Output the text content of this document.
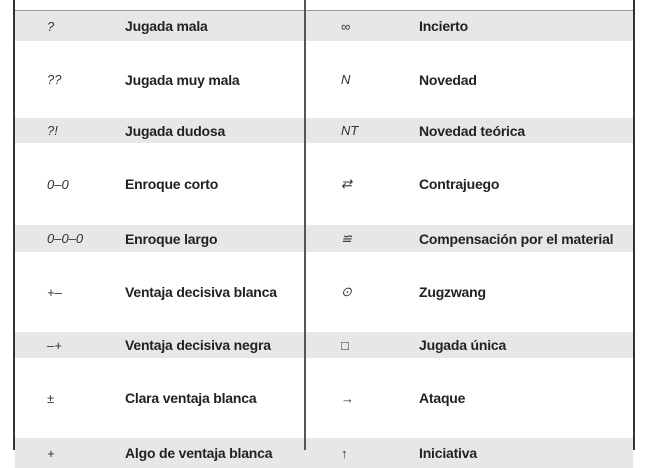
?	Jugada mala	∞	Incierto
??	Jugada muy mala	N	Novedad
?!	Jugada dudosa	NT	Novedad teórica
0–0	Enroque corto	⇄	Contrajuego
0–0–0	Enroque largo	≌	Compensación por el material
+–	Ventaja decisiva blanca	⊙	Zugzwang
–+	Ventaja decisiva negra	□	Jugada única
±	Clara ventaja blanca	→	Ataque
+	Algo de ventaja blanca	↑	Iniciativa
